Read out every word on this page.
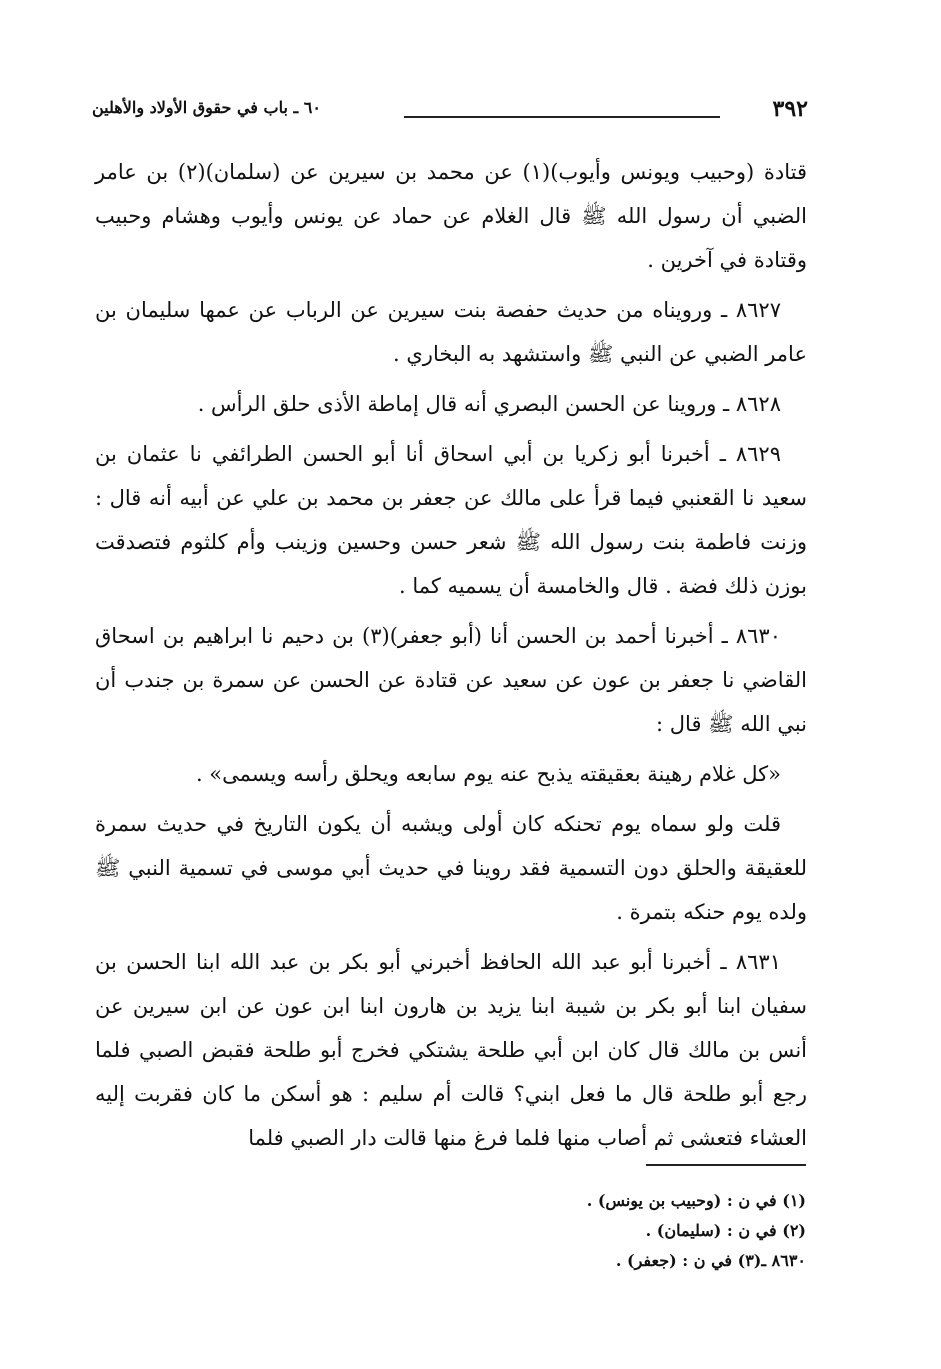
٣٩٢
٦٠ ـ باب في حقوق الأولاد والأهلين

قتادة (وحبيب ويونس وأيوب)(١) عن محمد بن سيرين عن (سلمان)(٢) بن عامر الضبي أن رسول الله ﷺ قال الغلام عن حماد عن يونس وأيوب وهشام وحبيب وقتادة في آخرين .

٨٦٢٧ ـ ورويناه من حديث حفصة بنت سيرين عن الرباب عن عمها سليمان بن عامر الضبي عن النبي ﷺ واستشهد به البخاري .

٨٦٢٨ ـ وروينا عن الحسن البصري أنه قال إماطة الأذى حلق الرأس .

٨٦٢٩ ـ أخبرنا أبو زكريا بن أبي اسحاق أنا أبو الحسن الطرائفي نا عثمان بن سعيد نا القعنبي فيما قرأ على مالك عن جعفر بن محمد بن علي عن أبيه أنه قال : وزنت فاطمة بنت رسول الله ﷺ شعر حسن وحسين وزينب وأم كلثوم فتصدقت بوزن ذلك فضة . قال والخامسة أن يسميه كما .

٨٦٣٠ ـ أخبرنا أحمد بن الحسن أنا (أبو جعفر)(٣) بن دحيم نا ابراهيم بن اسحاق القاضي نا جعفر بن عون عن سعيد عن قتادة عن الحسن عن سمرة بن جندب أن نبي الله ﷺ قال :

«كل غلام رهينة بعقيقته يذبح عنه يوم سابعه ويحلق رأسه ويسمى» .

قلت ولو سماه يوم تحنكه كان أولى ويشبه أن يكون التاريخ في حديث سمرة للعقيقة والحلق دون التسمية فقد روينا في حديث أبي موسى في تسمية النبي ﷺ ولده يوم حنكه بتمرة .

٨٦٣١ ـ أخبرنا أبو عبد الله الحافظ أخبرني أبو بكر بن عبد الله ابنا الحسن بن سفيان ابنا أبو بكر بن شيبة ابنا يزيد بن هارون ابنا ابن عون عن ابن سيرين عن أنس بن مالك قال كان ابن أبي طلحة يشتكي فخرج أبو طلحة فقبض الصبي فلما رجع أبو طلحة قال ما فعل ابني؟ قالت أم سليم : هو أسكن ما كان فقربت إليه العشاء فتعشى ثم أصاب منها فلما فرغ منها قالت دار الصبي فلما

(١) في ن : (وحبيب بن يونس) .
(٢) في ن : (سليمان) .
٨٦٣٠ ـ(٣) في ن : (جعفر) .
